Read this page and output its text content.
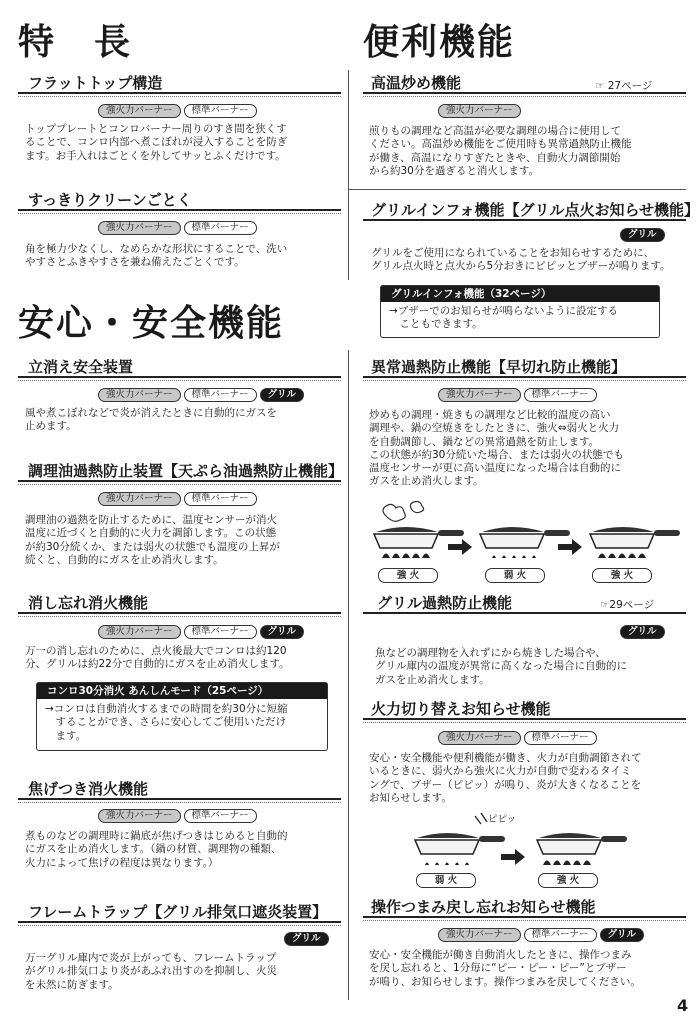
特　長	便利機能
安心・安全機能
フラットトップ構造
強火力バーナー	標準バーナー
トッププレートとコンロバーナー周りのすき間を狭くす
ることで、コンロ内部へ煮こぼれが浸入することを防ぎ
ます。お手入れはごとくを外してサッとふくだけです。
すっきりクリーンごとく
強火力バーナー	標準バーナー
角を極力少なくし、なめらかな形状にすることで、洗い
やすさとふきやすさを兼ね備えたごとくです。
立消え安全装置
強火力バーナー	標準バーナー	グリル
風や煮こぼれなどで炎が消えたときに自動的にガスを
止めます。
調理油過熱防止装置【天ぷら油過熱防止機能】
強火力バーナー	標準バーナー
調理油の過熱を防止するために、温度センサーが消火
温度に近づくと自動的に火力を調節します。この状態
が約30分続くか、または弱火の状態でも温度の上昇が
続くと、自動的にガスを止め消火します。
消し忘れ消火機能
強火力バーナー	標準バーナー	グリル
万一の消し忘れのために、点火後最大でコンロは約120
分、グリルは約22分で自動的にガスを止め消火します。
コンロ30分消火 あんしんモード（25ページ）
→コンロは自動消火するまでの時間を約30分に短縮
　することができ、さらに安心してご使用いただけ
　ます。
焦げつき消火機能
強火力バーナー	標準バーナー
煮ものなどの調理時に鍋底が焦げつきはじめると自動的
にガスを止め消火します。（鍋の材質、調理物の種類、
火力によって焦げの程度は異なります。）
フレームトラップ【グリル排気口遮炎装置】
グリル
万一グリル庫内で炎が上がっても、フレームトラップ
がグリル排気口より炎があふれ出すのを抑制し、火災
を未然に防ぎます。
高温炒め機能	☞ 27ページ
強火力バーナー
煎りもの調理など高温が必要な調理の場合に使用して
ください。高温炒め機能をご使用時も異常過熱防止機能
が働き、高温になりすぎたときや、自動火力調節開始
から約30分を過ぎると消火します。
グリルインフォ機能【グリル点火お知らせ機能】
グリル
グリルをご使用になられていることをお知らせするために、
グリル点火時と点火から5分おきにピピッとブザーが鳴ります。
グリルインフォ機能（32ページ）
→ブザーでのお知らせが鳴らないように設定する
　こともできます。
異常過熱防止機能【早切れ防止機能】
強火力バーナー	標準バーナー
炒めもの調理・焼きもの調理など比較的温度の高い
調理や、鍋の空焼きをしたときに、強火⇔弱火と火力
を自動調節し、鍋などの異常過熱を防止します。
この状態が約30分続いた場合、または弱火の状態でも
温度センサーが更に高い温度になった場合は自動的に
ガスを止め消火します。
強 火	弱 火	強 火
グリル過熱防止機能	☞29ページ
グリル
魚などの調理物を入れずにから焼きした場合や、
グリル庫内の温度が異常に高くなった場合に自動的に
ガスを止め消火します。
火力切り替えお知らせ機能
強火力バーナー	標準バーナー
安心・安全機能や便利機能が働き、火力が自動調節されて
いるときに、弱火から強火に火力が自動で変わるタイミ
ングで、ブザー（ピピッ）が鳴り、炎が大きくなることを
お知らせします。
ピピッ
弱 火	強 火
操作つまみ戻し忘れお知らせ機能
強火力バーナー	標準バーナー	グリル
安心・安全機能が働き自動消火したときに、操作つまみ
を戻し忘れると、1分毎に“ピー・ピー・ピー”とブザー
が鳴り、お知らせします。操作つまみを戻してください。
4
